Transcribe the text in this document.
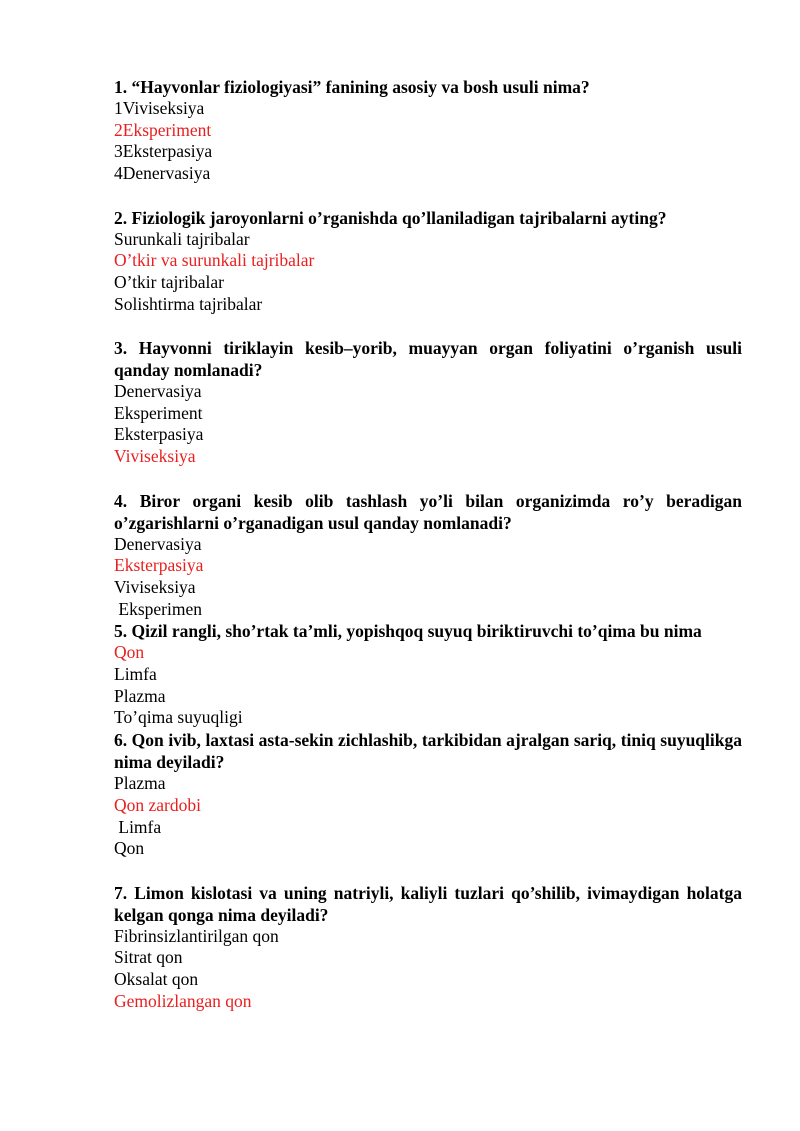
1. “Hayvonlar fiziologiyasi” fanining asosiy va bosh usuli nima?

1Viviseksiya

2Eksperiment

3Eksterpasiya

4Denervasiya

2. Fiziologik jaroyonlarni o’rganishda qo’llaniladigan tajribalarni ayting?

Surunkali tajribalar

O’tkir va surunkali tajribalar

O’tkir tajribalar

Solishtirma tajribalar

3. Hayvonni tiriklayin kesib–yorib, muayyan organ foliyatini o’rganish usuli qanday nomlanadi?

Denervasiya

Eksperiment

Eksterpasiya

Viviseksiya

4. Biror organi kesib olib tashlash yo’li bilan organizimda ro’y beradigan o’zgarishlarni o’rganadigan usul qanday nomlanadi?

Denervasiya

Eksterpasiya

Viviseksiya

Eksperimen

5. Qizil rangli, sho’rtak ta’mli, yopishqoq suyuq biriktiruvchi to’qima bu nima

Qon

Limfa

Plazma

To’qima suyuqligi

6. Qon ivib, laxtasi asta-sekin zichlashib, tarkibidan ajralgan sariq, tiniq suyuqlikga nima deyiladi?

Plazma

Qon zardobi

Limfa

Qon

7. Limon kislotasi va uning natriyli, kaliyli tuzlari qo’shilib, ivimaydigan holatga kelgan qonga nima deyiladi?

Fibrinsizlantirilgan qon

Sitrat qon

Oksalat qon

Gemolizlangan qon
